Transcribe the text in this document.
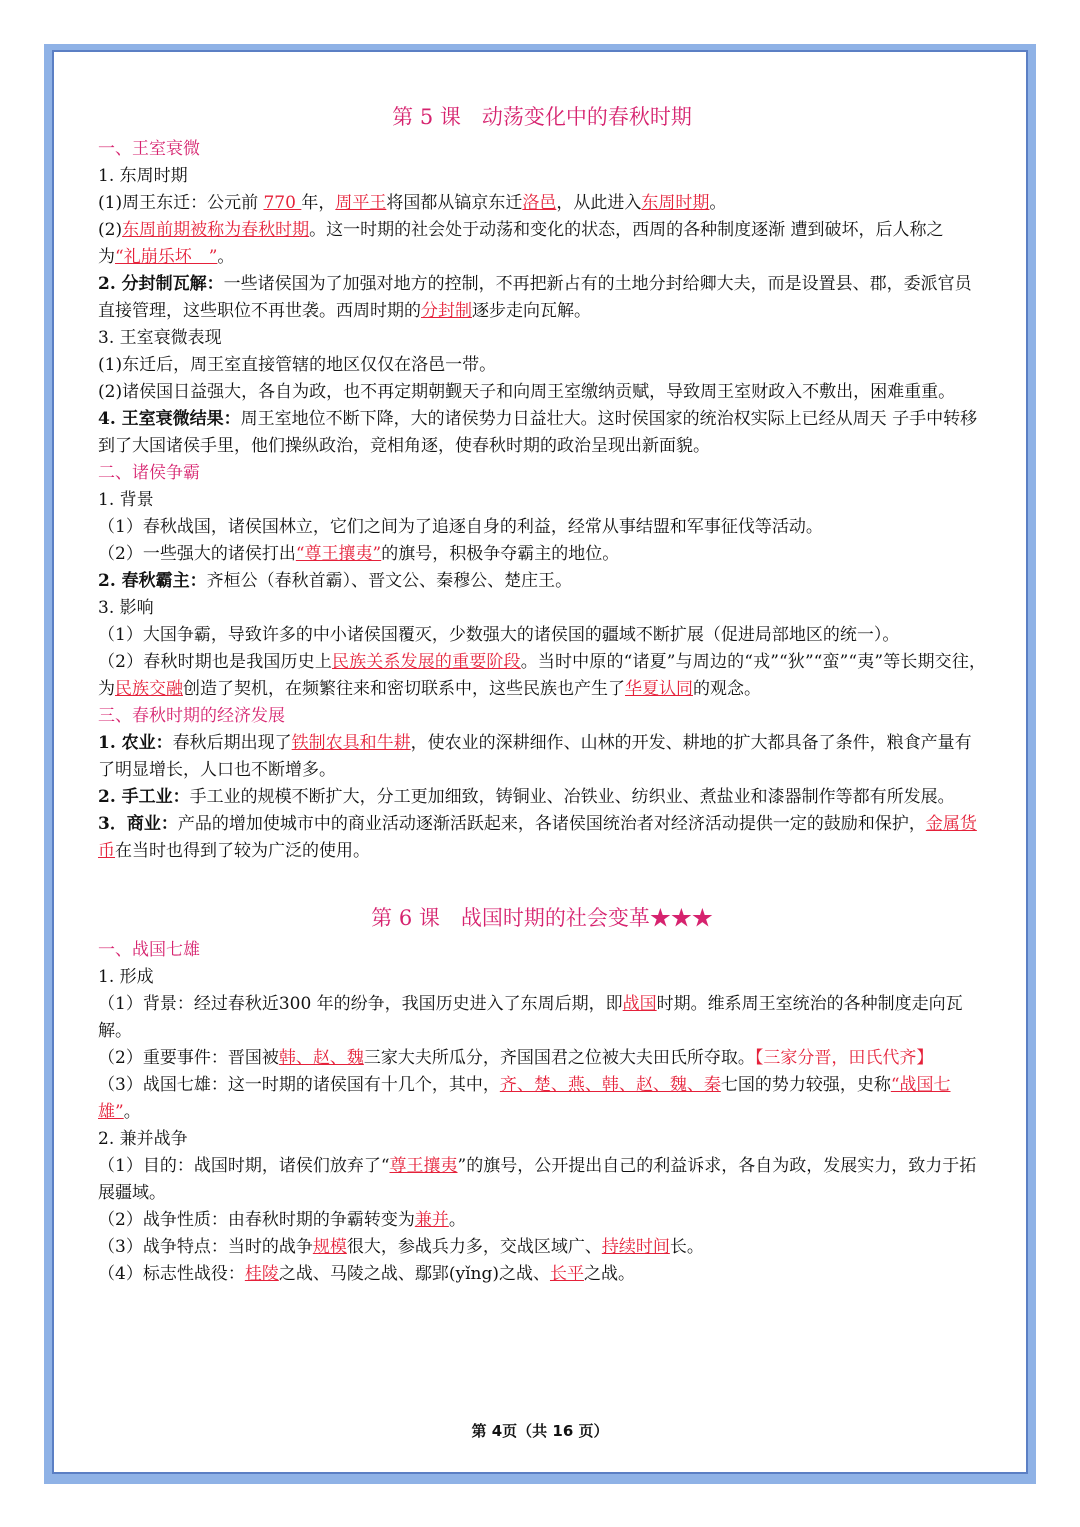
第 5 课　动荡变化中的春秋时期

一、王室衰微

1. 东周时期

(1)周王东迁：公元前 770 年，周平王将国都从镐京东迁洛邑，从此进入东周时期。

(2)东周前期被称为春秋时期。这一时期的社会处于动荡和变化的状态，西周的各种制度逐渐 遭到破坏，后人称之为“礼崩乐坏　”。

2. 分封制瓦解：一些诸侯国为了加强对地方的控制，不再把新占有的土地分封给卿大夫，而是设置县、郡，委派官员直接管理，这些职位不再世袭。西周时期的分封制逐步走向瓦解。

3. 王室衰微表现

(1)东迁后，周王室直接管辖的地区仅仅在洛邑一带。

(2)诸侯国日益强大，各自为政，也不再定期朝觐天子和向周王室缴纳贡赋，导致周王室财政入不敷出，困难重重。

4. 王室衰微结果：周王室地位不断下降，大的诸侯势力日益壮大。这时侯国家的统治权实际上已经从周天 子手中转移到了大国诸侯手里，他们操纵政治，竞相角逐，使春秋时期的政治呈现出新面貌。

二、诸侯争霸

1. 背景

（1）春秋战国，诸侯国林立，它们之间为了追逐自身的利益，经常从事结盟和军事征伐等活动。

（2）一些强大的诸侯打出“尊王攘夷”的旗号，积极争夺霸主的地位。

2. 春秋霸主：齐桓公（春秋首霸）、晋文公、秦穆公、楚庄王。

3. 影响

（1）大国争霸，导致许多的中小诸侯国覆灭，少数强大的诸侯国的疆域不断扩展（促进局部地区的统一）。

（2）春秋时期也是我国历史上民族关系发展的重要阶段。当时中原的“诸夏”与周边的“戎”“狄”“蛮”“夷”等长期交往，为民族交融创造了契机，在频繁往来和密切联系中，这些民族也产生了华夏认同的观念。

三、春秋时期的经济发展

1. 农业：春秋后期出现了铁制农具和牛耕，使农业的深耕细作、山林的开发、耕地的扩大都具备了条件，粮食产量有了明显增长，人口也不断增多。

2. 手工业：手工业的规模不断扩大，分工更加细致，铸铜业、冶铁业、纺织业、煮盐业和漆器制作等都有所发展。

3．商业：产品的增加使城市中的商业活动逐渐活跃起来，各诸侯国统治者对经济活动提供一定的鼓励和保护，金属货币在当时也得到了较为广泛的使用。

第 6 课　战国时期的社会变革★★★

一、战国七雄

1. 形成

（1）背景：经过春秋近300 年的纷争，我国历史进入了东周后期，即战国时期。维系周王室统治的各种制度走向瓦解。

（2）重要事件：晋国被韩、赵、魏三家大夫所瓜分，齐国国君之位被大夫田氏所夺取。【三家分晋，田氏代齐】

（3）战国七雄：这一时期的诸侯国有十几个，其中，齐、楚、燕、韩、赵、魏、秦七国的势力较强，史称“战国七雄”。

2. 兼并战争

（1）目的：战国时期，诸侯们放弃了“尊王攘夷”的旗号，公开提出自己的利益诉求，各自为政，发展实力，致力于拓展疆域。

（2）战争性质：由春秋时期的争霸转变为兼并。

（3）战争特点：当时的战争规模很大，参战兵力多，交战区域广、持续时间长。

（4）标志性战役：桂陵之战、马陵之战、鄢郢(yǐng)之战、长平之战。

第 4页（共 16 页）
